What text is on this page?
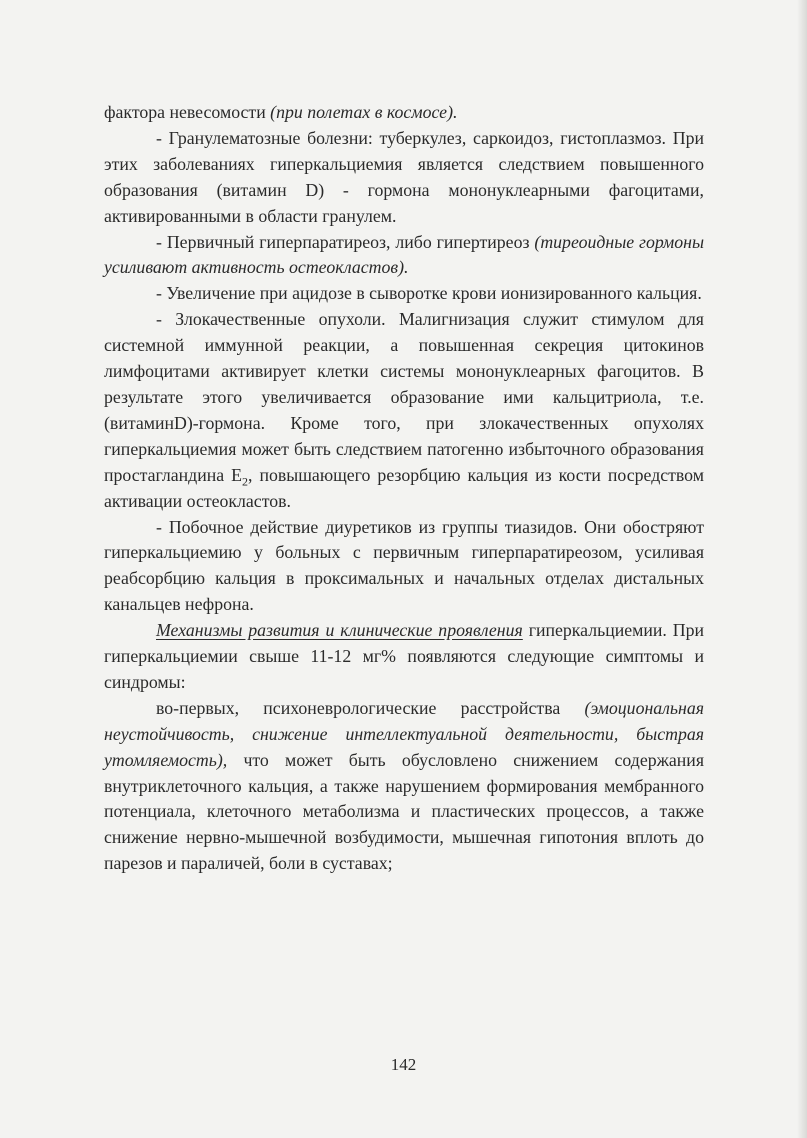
фактора невесомости (при полетах в космосе).

- Гранулематозные болезни: туберкулез, саркоидоз, гистоплазмоз. При этих заболеваниях гиперкальциемия является следствием повышенного образования (витамин D) - гормона мононуклеарными фагоцитами, активированными в области гранулем.

- Первичный гиперпаратиреоз, либо гипертиреоз (тиреоидные гормоны усиливают активность остеокластов).

- Увеличение при ацидозе в сыворотке крови ионизированного кальция.

- Злокачественные опухоли. Малигнизация служит стимулом для системной иммунной реакции, а повышенная секреция цитокинов лимфоцитами активирует клетки системы мононуклеарных фагоцитов. В результате этого увеличивается образование ими кальцитриола, т.е. (витаминD)-гормона. Кроме того, при злокачественных опухолях гиперкальциемия может быть следствием патогенно избыточного образования простагландина $Е_2$, повышающего резорбцию кальция из кости посредством активации остеокластов.

- Побочное действие диуретиков из группы тиазидов. Они обостряют гиперкальциемию у больных с первичным гиперпаратиреозом, усиливая реабсорбцию кальция в проксимальных и начальных отделах дистальных канальцев нефрона.

Механизмы развития и клинические проявления гиперкальциемии. При гиперкальциемии свыше 11-12 мг% появляются следующие симптомы и синдромы:

во-первых, психоневрологические расстройства (эмоциональная неустойчивость, снижение интеллектуальной деятельности, быстрая утомляемость), что может быть обусловлено снижением содержания внутриклеточного кальция, а также нарушением формирования мембранного потенциала, клеточного метаболизма и пластических процессов, а также снижение нервно-мышечной возбудимости, мышечная гипотония вплоть до парезов и параличей, боли в суставах;

142
